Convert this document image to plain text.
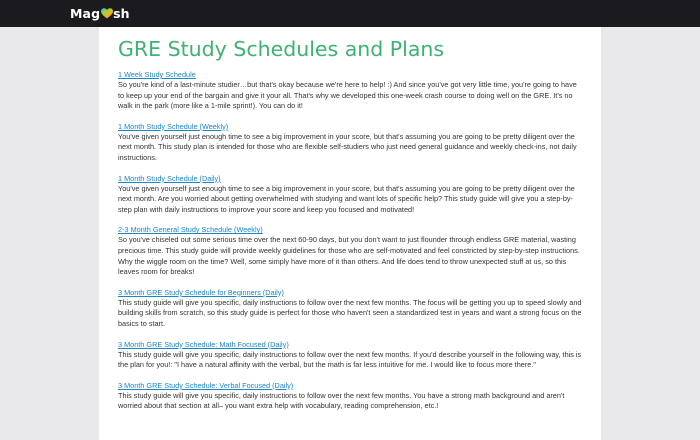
Mag sh
GRE Study Schedules and Plans
1 Week Study Schedule

So you're kind of a last-minute studier…but that's okay because we're here to help! :) And since you've got very little time, you're going to have to keep up your end of the bargain and give it your all. That's why we developed this one-week crash course to doing well on the GRE. It's no walk in the park (more like a 1-mile sprint!). You can do it!

1 Month Study Schedule (Weekly)

You've given yourself just enough time to see a big improvement in your score, but that's assuming you are going to be pretty diligent over the next month. This study plan is intended for those who are flexible self-studiers who just need general guidance and weekly check-ins, not daily instructions.

1 Month Study Schedule (Daily)

You've given yourself just enough time to see a big improvement in your score, but that's assuming you are going to be pretty diligent over the next month. Are you worried about getting overwhelmed with studying and want lots of specific help? This study guide will give you a step-by-step plan with daily instructions to improve your score and keep you focused and motivated!

2-3 Month General Study Schedule (Weekly)

So you've chiseled out some serious time over the next 60-90 days, but you don't want to just flounder through endless GRE material, wasting precious time. This study guide will provide weekly guidelines for those who are self-motivated and feel constricted by step-by-step instructions. Why the wiggle room on the time? Well, some simply have more of it than others. And life does tend to throw unexpected stuff at us, so this leaves room for breaks!

3 Month GRE Study Schedule for Beginners (Daily)

This study guide will give you specific, daily instructions to follow over the next few months. The focus will be getting you up to speed slowly and building skills from scratch, so this study guide is perfect for those who haven't seen a standardized test in years and want a strong focus on the basics to start.

3 Month GRE Study Schedule: Math Focused (Daily)

This study guide will give you specific, daily instructions to follow over the next few months. If you'd describe yourself in the following way, this is the plan for you!: "I have a natural affinity with the verbal, but the math is far less intuitive for me. I would like to focus more there."

3 Month GRE Study Schedule: Verbal Focused (Daily)

This study guide will give you specific, daily instructions to follow over the next few months. You have a strong math background and aren't worried about that section at all– you want extra help with vocabulary, reading comprehension, etc.!
